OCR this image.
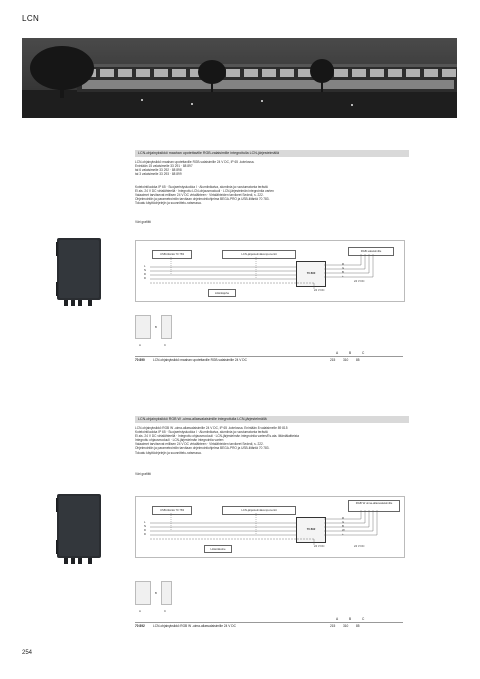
LCN
LCN-ohjainyksikkö maahan upotettaville RGB-valaisimille integroitulla LCN-järjestelmällä
LCN-ohjainyksikkö maahan upotettaville RGB-valaisimille 24 V DC, IP 65 -kotelossa.
Enintään 15 valaisimelle 33 291 · 88 897
tai 6 valaisimelle 33 292 · 88 898
tai 3 valaisimelle 33 293 · 88 899
Kotelointiluokka IP 65 · Suojaeristysluokka I · Alumiinikaiva, alumiinia ja ruostumatonta terästä
El.sis. 24 V DC virtalähteellä · Integroitu LCN-ohjausmoduuli · LCN-järjestelmän integrointia varten
Vaiaaimet tarvitsevat erillisen 24 V DC virtalähteen · Virtalähteiden tarvikeet Sededi, s. 222.
Ohjelmointiin ja parametrointiin tarvitaan ohjelmointiohjelma BEGA-PRO ja USB-liitäntä 70 783.
Toluatu käyttöohjelejin ja suunnittelu-ratsesssa.
Väri grafiitti
USB-liitäntä 70 783	LCN-järjestelmäkomponentit
RGB-valaisimille
70 890
L
N
D
D
R
G
B
+
Liitäntäjohe
24 V DC
24 V DC
B
A	C
A	B	C
70 890	LCN-ohjainyksikkö maahan upotettaville RGB-valaisimille 24 V DC	215 310 85
LCN-ohjainyksikkö RGB W -uima-allasvalaisimille integroitulla LCN-järjestelmällä
LCN-ohjainyksikkö RGB W -uima-allasvalaisimille 24 V DC, IP 65 -kotelossa. Enintään 8 valaisimelle 89 815
Kotelointiluokka IP 65 · Suojaeristysluokka I · Alumiinikaiva, alumiinia ja ruostumatonta terästä
El.sis. 24 V DC virtalähteellä · Integroitu ohjausmoduuli · LCN-järjestelmän integrointia varten/Es.ata. liitäntälaitteista
Integroitu ohjausmoduuli · LCN-järjestelmän integrointia varten
Vaiaaimet tarvitsevat erillisen 24 V DC virtalähteen · Virtalähteiden tarvikeet Sededi, s. 222.
Ohjelmointiin ja parametrointiin tarvitaan ohjelmointiohjelma BEGA-PRO ja USB-liitäntä 70 783.
Toluatu käyttöohjelejin ja suunnittelu-ratsesssa.
Väri grafiitti
USB-liitäntä 70 783	LCN-järjestelmäkomponentit
RGB W uima-allasvalaisimille
70 892
L
N
D
D
R
G
B
W
+
Liitäntäkohe
24 V DC	24 V DC
B
A	C
A	B	C
70 892	LCN-ohjainyksikkö RGB W -uima-allasvalaisimille 24 V DC	215 310 85
254
